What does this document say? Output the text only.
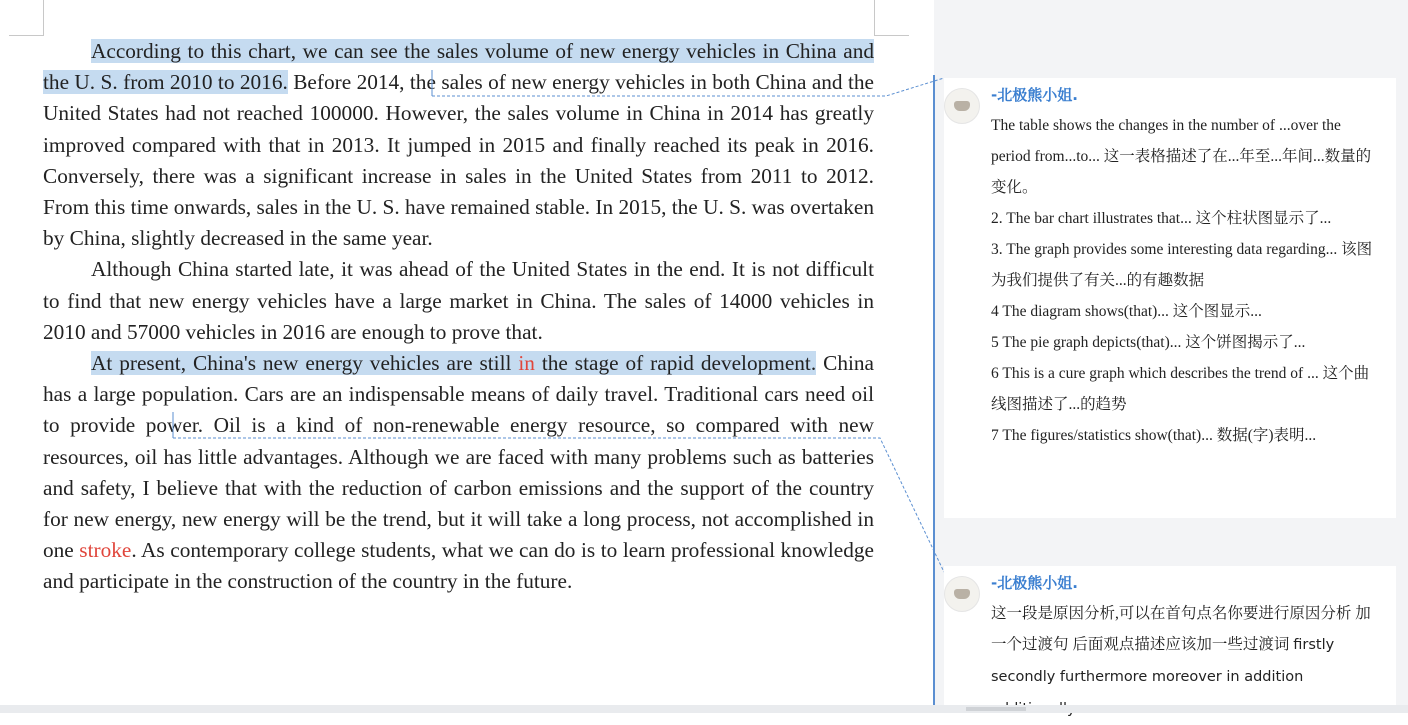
According to this chart, we can see the sales volume of new energy vehicles in China and the U. S. from 2010 to 2016. Before 2014, the sales of new energy vehicles in both China and the United States had not reached 100000. However, the sales volume in China in 2014 has greatly improved compared with that in 2013. It jumped in 2015 and finally reached its peak in 2016. Conversely, there was a significant increase in sales in the United States from 2011 to 2012. From this time onwards, sales in the U. S. have remained stable. In 2015, the U. S. was overtaken by China, slightly decreased in the same year.

Although China started late, it was ahead of the United States in the end. It is not difficult to find that new energy vehicles have a large market in China. The sales of 14000 vehicles in 2010 and 57000 vehicles in 2016 are enough to prove that.

At present, China's new energy vehicles are still in the stage of rapid development. China has a large population. Cars are an indispensable means of daily travel. Traditional cars need oil to provide power. Oil is a kind of non-renewable energy resource, so compared with new resources, oil has little advantages. Although we are faced with many problems such as batteries and safety, I believe that with the reduction of carbon emissions and the support of the country for new energy, new energy will be the trend, but it will take a long process, not accomplished in one stroke. As contemporary college students, what we can do is to learn professional knowledge and participate in the construction of the country in the future.

-北极熊小姐.
The table shows the changes in the number of ...over the period from...to... 这一表格描述了在...年至...年间...数量的变化。
2. The bar chart illustrates that... 这个柱状图显示了...
3. The graph provides some interesting data regarding... 该图为我们提供了有关...的有趣数据
4 The diagram shows(that)... 这个图显示...
5 The pie graph depicts(that)... 这个饼图揭示了...
6 This is a cure graph which describes the trend of ... 这个曲线图描述了...的趋势
7 The figures/statistics show(that)... 数据(字)表明...
-北极熊小姐.
这一段是原因分析,可以在首句点名你要进行原因分析 加一个过渡句 后面观点描述应该加一些过渡词 firstly secondly furthermore moreover in addition
